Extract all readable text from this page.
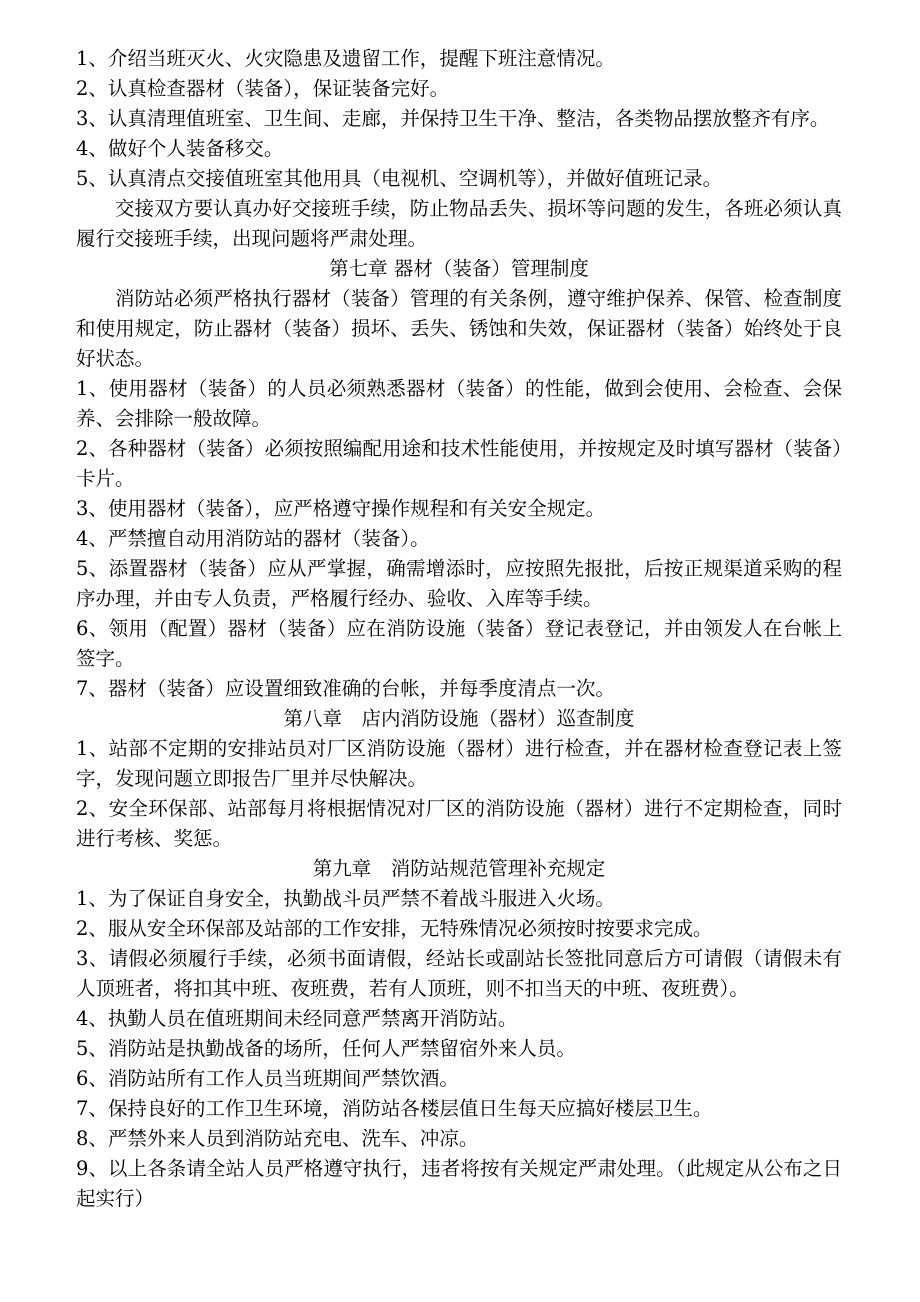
1、介绍当班灭火、火灾隐患及遗留工作，提醒下班注意情况。

2、认真检查器材（装备），保证装备完好。

3、认真清理值班室、卫生间、走廊，并保持卫生干净、整洁，各类物品摆放整齐有序。

4、做好个人装备移交。

5、认真清点交接值班室其他用具（电视机、空调机等），并做好值班记录。

交接双方要认真办好交接班手续，防止物品丢失、损坏等问题的发生，各班必须认真履行交接班手续，出现问题将严肃处理。

第七章 器材（装备）管理制度

消防站必须严格执行器材（装备）管理的有关条例，遵守维护保养、保管、检查制度和使用规定，防止器材（装备）损坏、丢失、锈蚀和失效，保证器材（装备）始终处于良好状态。

1、使用器材（装备）的人员必须熟悉器材（装备）的性能，做到会使用、会检查、会保养、会排除一般故障。

2、各种器材（装备）必须按照编配用途和技术性能使用，并按规定及时填写器材（装备）卡片。

3、使用器材（装备），应严格遵守操作规程和有关安全规定。

4、严禁擅自动用消防站的器材（装备）。

5、添置器材（装备）应从严掌握，确需增添时，应按照先报批，后按正规渠道采购的程序办理，并由专人负责，严格履行经办、验收、入库等手续。

6、领用（配置）器材（装备）应在消防设施（装备）登记表登记，并由领发人在台帐上签字。

7、器材（装备）应设置细致准确的台帐，并每季度清点一次。

第八章　店内消防设施（器材）巡查制度

1、站部不定期的安排站员对厂区消防设施（器材）进行检查，并在器材检查登记表上签字，发现问题立即报告厂里并尽快解决。

2、安全环保部、站部每月将根据情况对厂区的消防设施（器材）进行不定期检查，同时进行考核、奖惩。

第九章　消防站规范管理补充规定

1、为了保证自身安全，执勤战斗员严禁不着战斗服进入火场。

2、服从安全环保部及站部的工作安排，无特殊情况必须按时按要求完成。

3、请假必须履行手续，必须书面请假，经站长或副站长签批同意后方可请假（请假未有人顶班者，将扣其中班、夜班费，若有人顶班，则不扣当天的中班、夜班费）。

4、执勤人员在值班期间未经同意严禁离开消防站。

5、消防站是执勤战备的场所，任何人严禁留宿外来人员。

6、消防站所有工作人员当班期间严禁饮酒。

7、保持良好的工作卫生环境，消防站各楼层值日生每天应搞好楼层卫生。

8、严禁外来人员到消防站充电、洗车、冲凉。

9、以上各条请全站人员严格遵守执行，违者将按有关规定严肃处理。（此规定从公布之日起实行）
